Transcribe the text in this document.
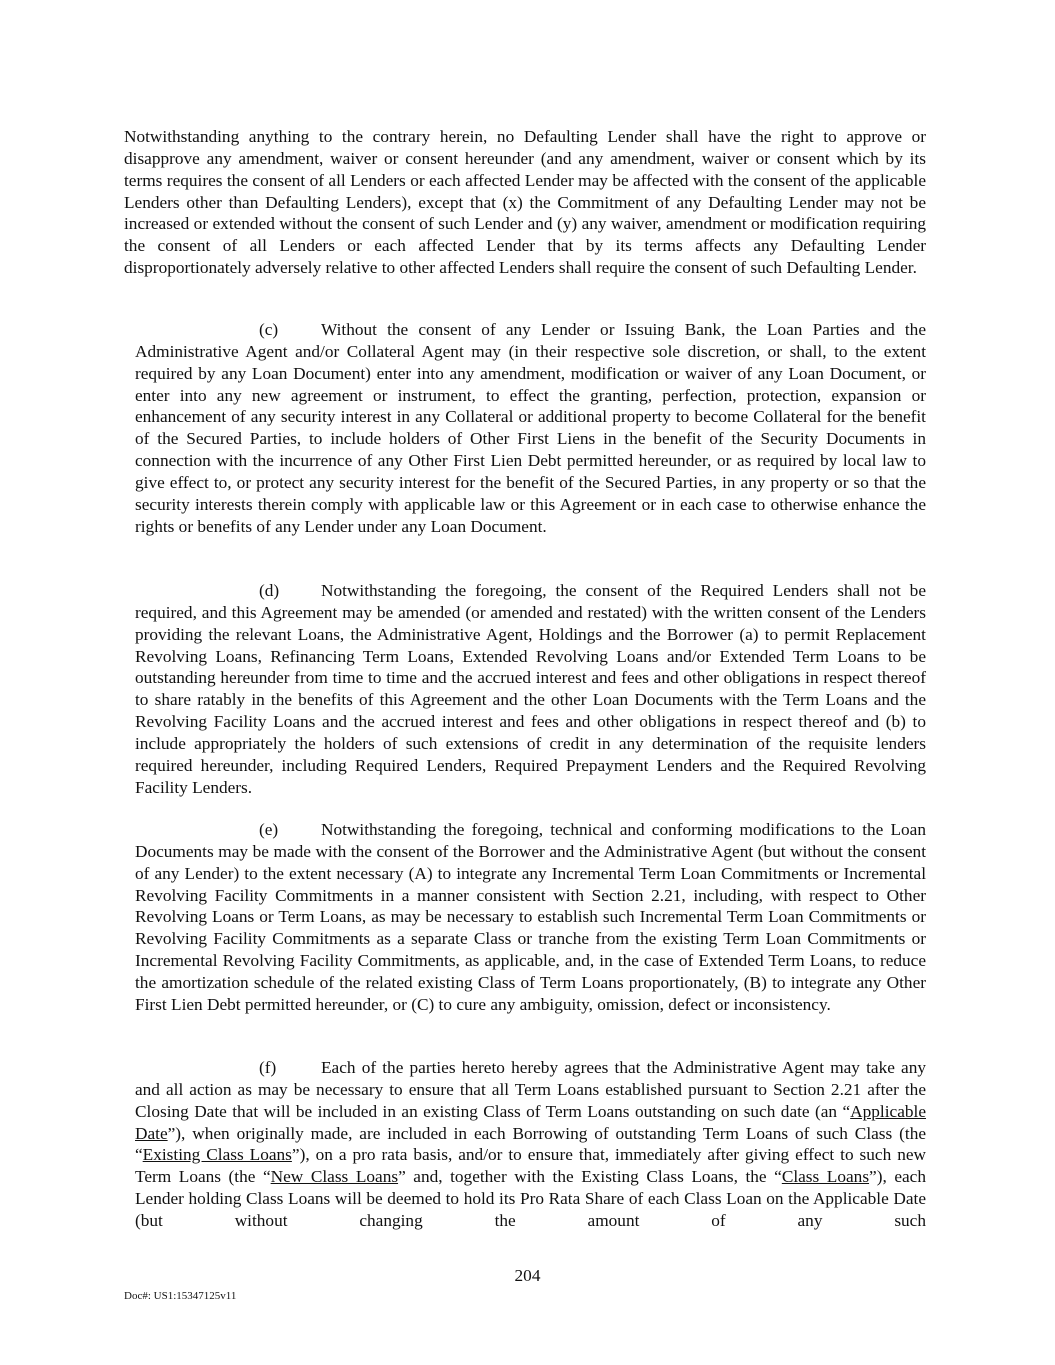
Notwithstanding anything to the contrary herein, no Defaulting Lender shall have the right to approve or disapprove any amendment, waiver or consent hereunder (and any amendment, waiver or consent which by its terms requires the consent of all Lenders or each affected Lender may be affected with the consent of the applicable Lenders other than Defaulting Lenders), except that (x) the Commitment of any Defaulting Lender may not be increased or extended without the consent of such Lender and (y) any waiver, amendment or modification requiring the consent of all Lenders or each affected Lender that by its terms affects any Defaulting Lender disproportionately adversely relative to other affected Lenders shall require the consent of such Defaulting Lender.

(c) Without the consent of any Lender or Issuing Bank, the Loan Parties and the Administrative Agent and/or Collateral Agent may (in their respective sole discretion, or shall, to the extent required by any Loan Document) enter into any amendment, modification or waiver of any Loan Document, or enter into any new agreement or instrument, to effect the granting, perfection, protection, expansion or enhancement of any security interest in any Collateral or additional property to become Collateral for the benefit of the Secured Parties, to include holders of Other First Liens in the benefit of the Security Documents in connection with the incurrence of any Other First Lien Debt permitted hereunder, or as required by local law to give effect to, or protect any security interest for the benefit of the Secured Parties, in any property or so that the security interests therein comply with applicable law or this Agreement or in each case to otherwise enhance the rights or benefits of any Lender under any Loan Document.

(d) Notwithstanding the foregoing, the consent of the Required Lenders shall not be required, and this Agreement may be amended (or amended and restated) with the written consent of the Lenders providing the relevant Loans, the Administrative Agent, Holdings and the Borrower (a) to permit Replacement Revolving Loans, Refinancing Term Loans, Extended Revolving Loans and/or Extended Term Loans to be outstanding hereunder from time to time and the accrued interest and fees and other obligations in respect thereof to share ratably in the benefits of this Agreement and the other Loan Documents with the Term Loans and the Revolving Facility Loans and the accrued interest and fees and other obligations in respect thereof and (b) to include appropriately the holders of such extensions of credit in any determination of the requisite lenders required hereunder, including Required Lenders, Required Prepayment Lenders and the Required Revolving Facility Lenders.

(e) Notwithstanding the foregoing, technical and conforming modifications to the Loan Documents may be made with the consent of the Borrower and the Administrative Agent (but without the consent of any Lender) to the extent necessary (A) to integrate any Incremental Term Loan Commitments or Incremental Revolving Facility Commitments in a manner consistent with Section 2.21, including, with respect to Other Revolving Loans or Term Loans, as may be necessary to establish such Incremental Term Loan Commitments or Revolving Facility Commitments as a separate Class or tranche from the existing Term Loan Commitments or Incremental Revolving Facility Commitments, as applicable, and, in the case of Extended Term Loans, to reduce the amortization schedule of the related existing Class of Term Loans proportionately, (B) to integrate any Other First Lien Debt permitted hereunder, or (C) to cure any ambiguity, omission, defect or inconsistency.

(f)	Each of the parties hereto hereby agrees that the Administrative Agent may take any and all action as may be necessary to ensure that all Term Loans established pursuant to Section 2.21 after the Closing Date that will be included in an existing Class of Term Loans outstanding on such date (an “Applicable Date”), when originally made, are included in each Borrowing of outstanding Term Loans of such Class (the “Existing Class Loans”), on a pro rata basis, and/or to ensure that, immediately after giving effect to such new Term Loans (the “New Class Loans” and, together with the Existing Class Loans, the “Class Loans”), each Lender holding Class Loans will be deemed to hold its Pro Rata Share of each Class Loan on the Applicable Date (but without changing the amount of any such

204
Doc#: US1:15347125v11
